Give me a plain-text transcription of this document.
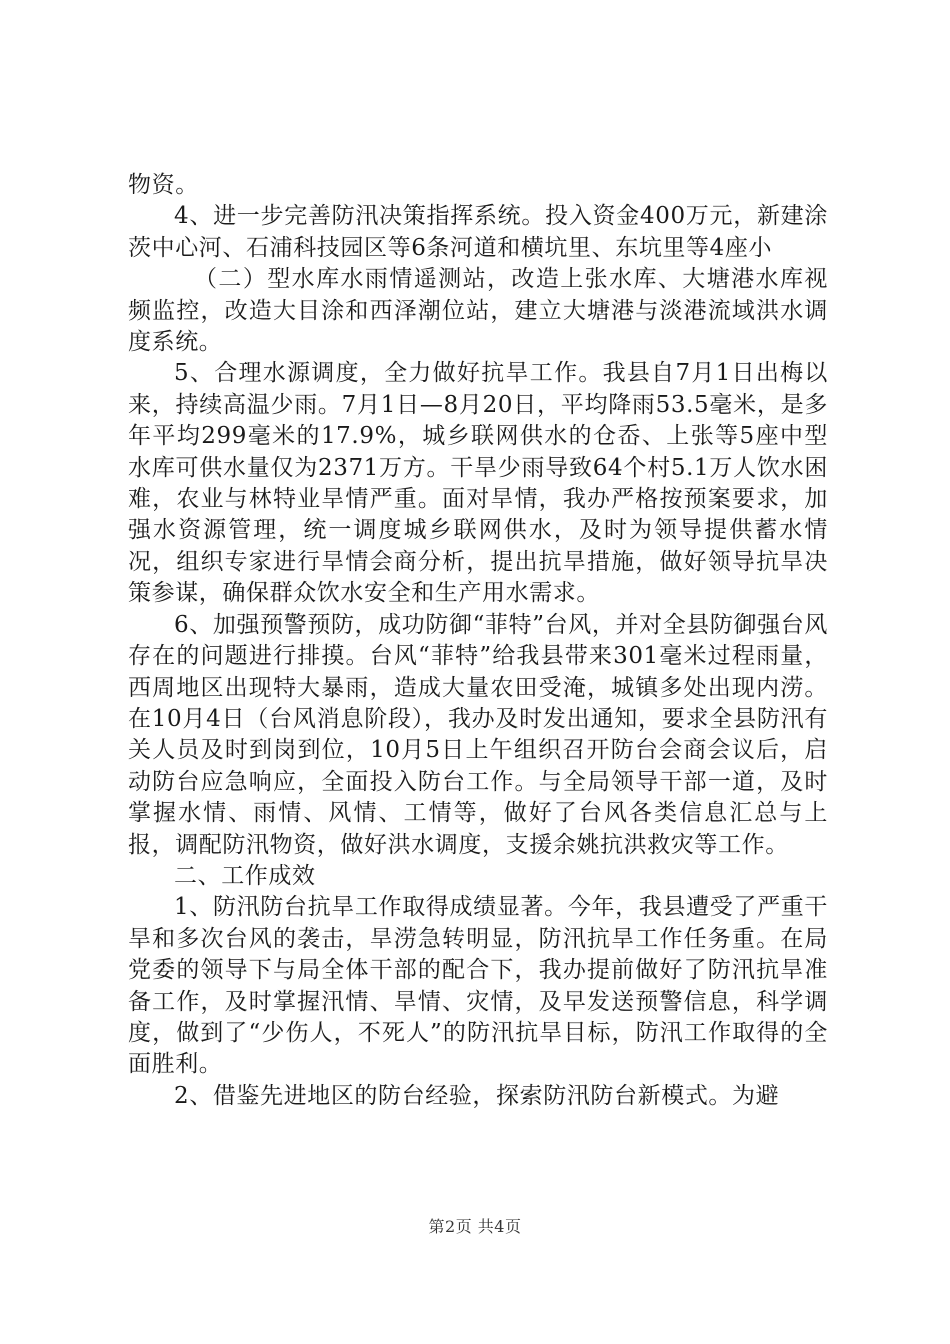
物资。

4、进一步完善防汛决策指挥系统。投入资金400万元，新建涂茨中心河、石浦科技园区等6条河道和横坑里、东坑里等4座小

（二）型水库水雨情遥测站，改造上张水库、大塘港水库视频监控，改造大目涂和西泽潮位站，建立大塘港与淡港流域洪水调度系统。

5、合理水源调度，全力做好抗旱工作。我县自7月1日出梅以来，持续高温少雨。7月1日—8月20日，平均降雨53.5毫米，是多年平均299毫米的17.9%，城乡联网供水的仓岙、上张等5座中型水库可供水量仅为2371万方。干旱少雨导致64个村5.1万人饮水困难，农业与林特业旱情严重。面对旱情，我办严格按预案要求，加强水资源管理，统一调度城乡联网供水，及时为领导提供蓄水情况，组织专家进行旱情会商分析，提出抗旱措施，做好领导抗旱决策参谋，确保群众饮水安全和生产用水需求。

6、加强预警预防，成功防御“菲特”台风，并对全县防御强台风存在的问题进行排摸。台风“菲特”给我县带来301毫米过程雨量，西周地区出现特大暴雨，造成大量农田受淹，城镇多处出现内涝。在10月4日（台风消息阶段），我办及时发出通知，要求全县防汛有关人员及时到岗到位，10月5日上午组织召开防台会商会议后，启动防台应急响应，全面投入防台工作。与全局领导干部一道，及时掌握水情、雨情、风情、工情等，做好了台风各类信息汇总与上报，调配防汛物资，做好洪水调度，支援余姚抗洪救灾等工作。

二、工作成效

1、防汛防台抗旱工作取得成绩显著。今年，我县遭受了严重干旱和多次台风的袭击，旱涝急转明显，防汛抗旱工作任务重。在局党委的领导下与局全体干部的配合下，我办提前做好了防汛抗旱准备工作，及时掌握汛情、旱情、灾情，及早发送预警信息，科学调度，做到了“少伤人，不死人”的防汛抗旱目标，防汛工作取得的全面胜利。

2、借鉴先进地区的防台经验，探索防汛防台新模式。为避

第2页 共4页
